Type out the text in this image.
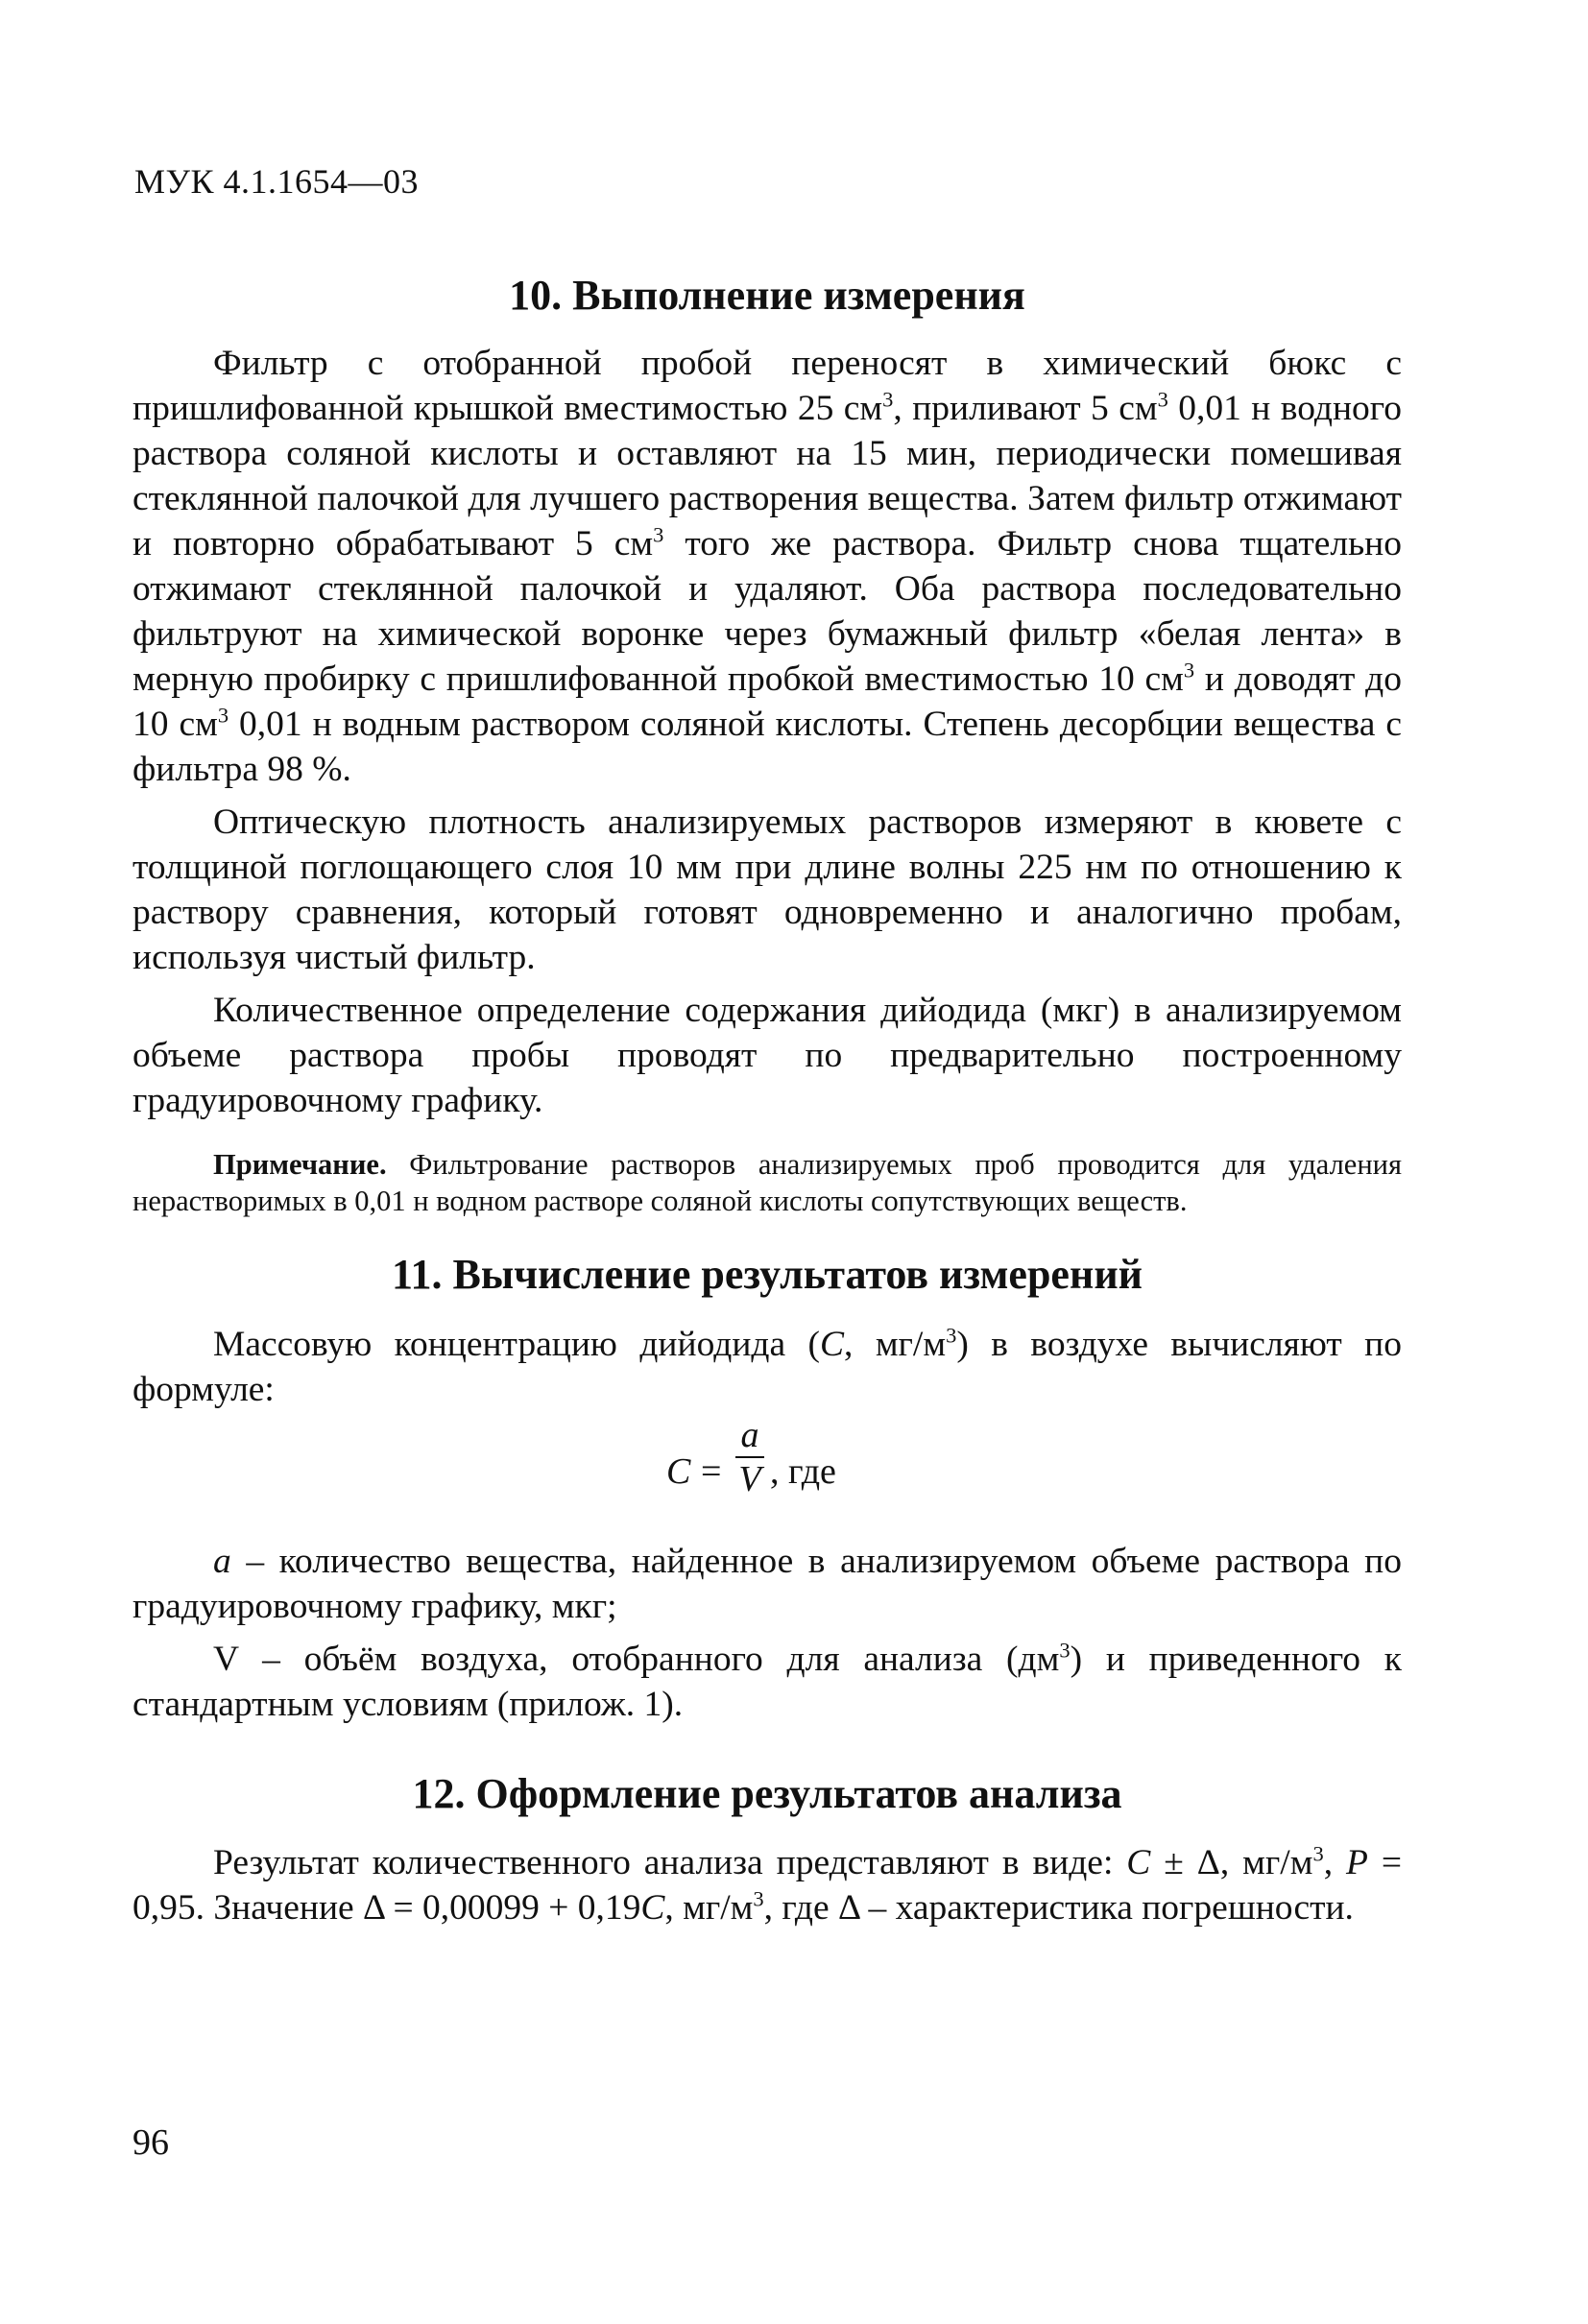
МУК 4.1.1654—03
10. Выполнение измерения

Фильтр с отобранной пробой переносят в химический бюкс с пришлифованной крышкой вместимостью 25 $см^3$, приливают 5 $см^3$ 0,01 н водного раствора соляной кислоты и оставляют на 15 мин, периодически помешивая стеклянной палочкой для лучшего растворения вещества. Затем фильтр отжимают и повторно обрабатывают 5 $см^3$ того же раствора. Фильтр снова тщательно отжимают стеклянной палочкой и удаляют. Оба раствора последовательно фильтруют на химической воронке через бумажный фильтр «белая лента» в мерную пробирку с пришлифованной пробкой вместимостью 10 $см^3$ и доводят до 10 $см^3$ 0,01 н водным раствором соляной кислоты. Степень десорбции вещества с фильтра 98 %.

Оптическую плотность анализируемых растворов измеряют в кювете с толщиной поглощающего слоя 10 мм при длине волны 225 нм по отношению к раствору сравнения, который готовят одновременно и аналогично пробам, используя чистый фильтр.

Количественное определение содержания дийодида (мкг) в анализируемом объеме раствора пробы проводят по предварительно построенному градуировочному графику.

Примечание. Фильтрование растворов анализируемых проб проводится для удаления нерастворимых в 0,01 н водном растворе соляной кислоты сопутствующих веществ.
11. Вычисление результатов измерений

Массовую концентрацию дийодида (C, $мг/м^3$) в воздухе вычисляют по формуле:

C =
a
V , где

a – количество вещества, найденное в анализируемом объеме раствора по градуировочному графику, мкг;

V – объём воздуха, отобранного для анализа $(дм^3)$ и приведенного к стандартным условиям (прилож. 1).

12. Оформление результатов анализа

Результат количественного анализа представляют в виде: C ± Δ, $мг/м^3$, P = 0,95. Значение Δ = 0,00099 + 0,19C, $мг/м^3$, где Δ – характеристика погрешности.

96
